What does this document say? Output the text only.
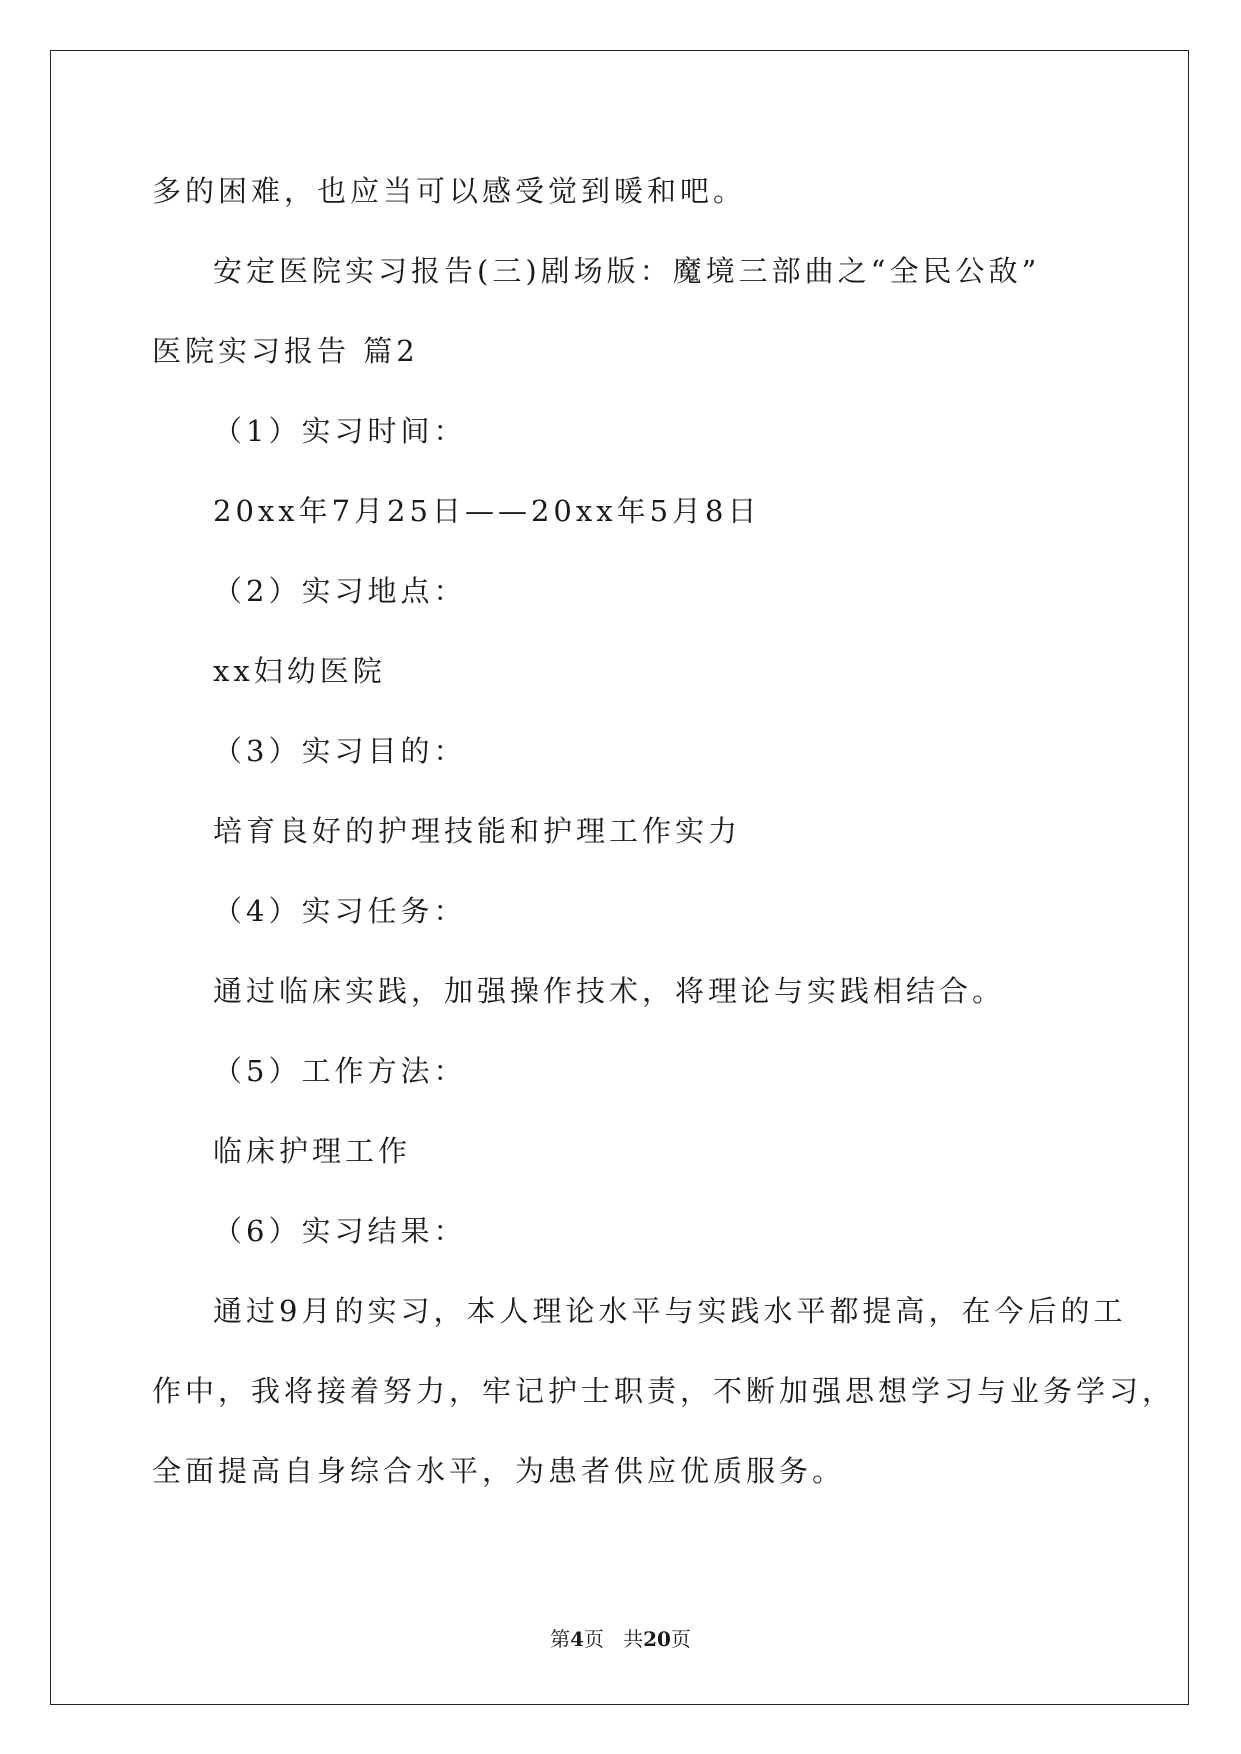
多的困难，也应当可以感受觉到暖和吧。
安定医院实习报告(三)剧场版：魔境三部曲之“全民公敌”
医院实习报告 篇2
（1）实习时间：
20xx年7月25日——20xx年5月8日
（2）实习地点：
xx妇幼医院
（3）实习目的：
培育良好的护理技能和护理工作实力
（4）实习任务：
通过临床实践，加强操作技术，将理论与实践相结合。
（5）工作方法：
临床护理工作
（6）实习结果：
通过9月的实习，本人理论水平与实践水平都提高，在今后的工
作中，我将接着努力，牢记护士职责，不断加强思想学习与业务学习，
全面提高自身综合水平，为患者供应优质服务。
第4页 共20页
